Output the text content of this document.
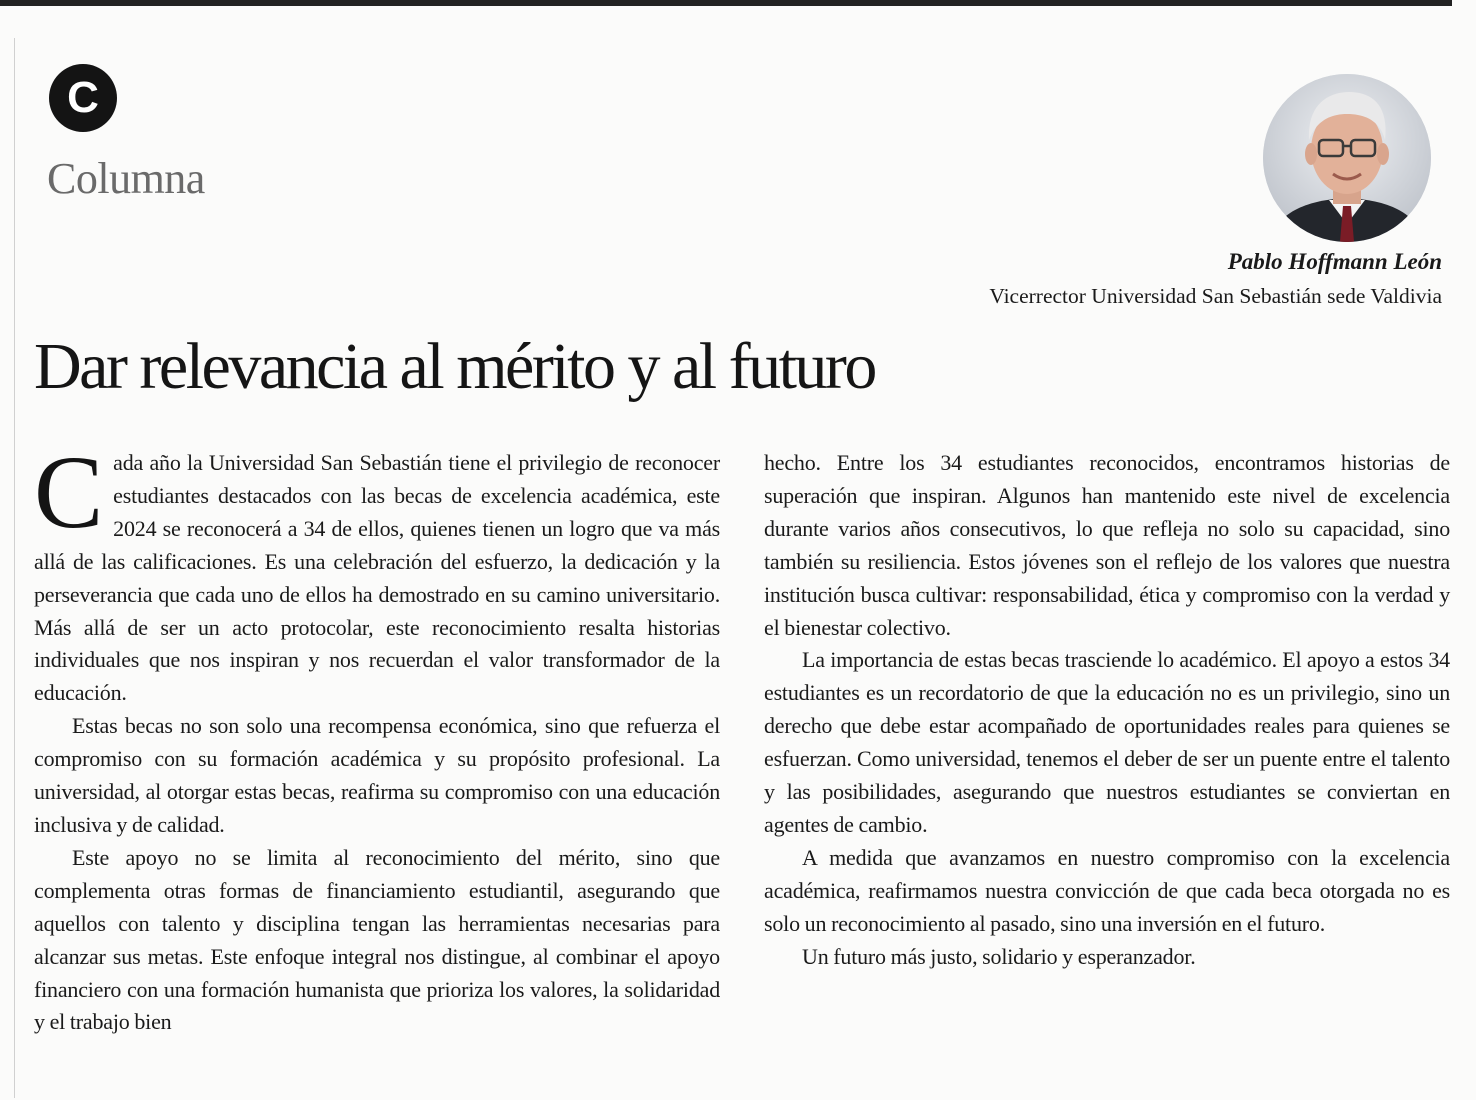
C
Columna
Pablo Hoffmann León
Vicerrector Universidad San Sebastián sede Valdivia
Dar relevancia al mérito y al futuro

Cada año la Universidad San Sebastián tiene el privilegio de reconocer estudiantes destacados con las becas de excelencia académica, este 2024 se reconocerá a 34 de ellos, quienes tienen un logro que va más allá de las calificaciones. Es una celebración del esfuerzo, la dedicación y la perseverancia que cada uno de ellos ha demostrado en su camino universitario. Más allá de ser un acto protocolar, este reconocimiento resalta historias individuales que nos inspiran y nos recuerdan el valor transformador de la educación.

Estas becas no son solo una recompensa económica, sino que refuerza el compromiso con su formación académica y su propósito profesional. La universidad, al otorgar estas becas, reafirma su compromiso con una educación inclusiva y de calidad.

Este apoyo no se limita al reconocimiento del mérito, sino que complementa otras formas de financiamiento estudiantil, asegurando que aquellos con talento y disciplina tengan las herramientas necesarias para alcanzar sus metas. Este enfoque integral nos distingue, al combinar el apoyo financiero con una formación humanista que prioriza los valores, la solidaridad y el trabajo bien

hecho. Entre los 34 estudiantes reconocidos, encontramos historias de superación que inspiran. Algunos han mantenido este nivel de excelencia durante varios años consecutivos, lo que refleja no solo su capacidad, sino también su resiliencia. Estos jóvenes son el reflejo de los valores que nuestra institución busca cultivar: responsabilidad, ética y compromiso con la verdad y el bienestar colectivo.

La importancia de estas becas trasciende lo académico. El apoyo a estos 34 estudiantes es un recordatorio de que la educación no es un privilegio, sino un derecho que debe estar acompañado de oportunidades reales para quienes se esfuerzan. Como universidad, tenemos el deber de ser un puente entre el talento y las posibilidades, asegurando que nuestros estudiantes se conviertan en agentes de cambio.

A medida que avanzamos en nuestro compromiso con la excelencia académica, reafirmamos nuestra convicción de que cada beca otorgada no es solo un reconocimiento al pasado, sino una inversión en el futuro.

Un futuro más justo, solidario y esperanzador.
